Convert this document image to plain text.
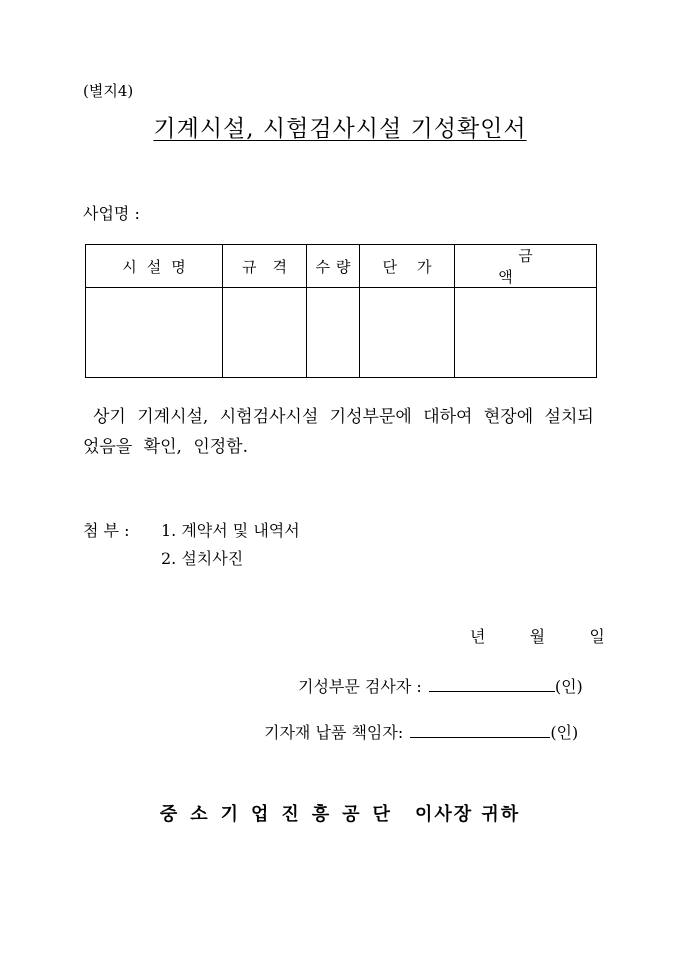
(별지4)
기계시설, 시험검사시설 기성확인서
사업명 :
시설명	규격	수량	단가	금액

상기 기계시설, 시험검사시설 기성부문에 대하여 현장에 설치되었음을 확인, 인정함.
첨 부 : 1. 계약서 및 내역서
2. 설치사진
년	월	일
기성부문 검사자 :	(인)
기자재 납품 책임자:	(인)
중소기업진흥공단 이사장 귀하
